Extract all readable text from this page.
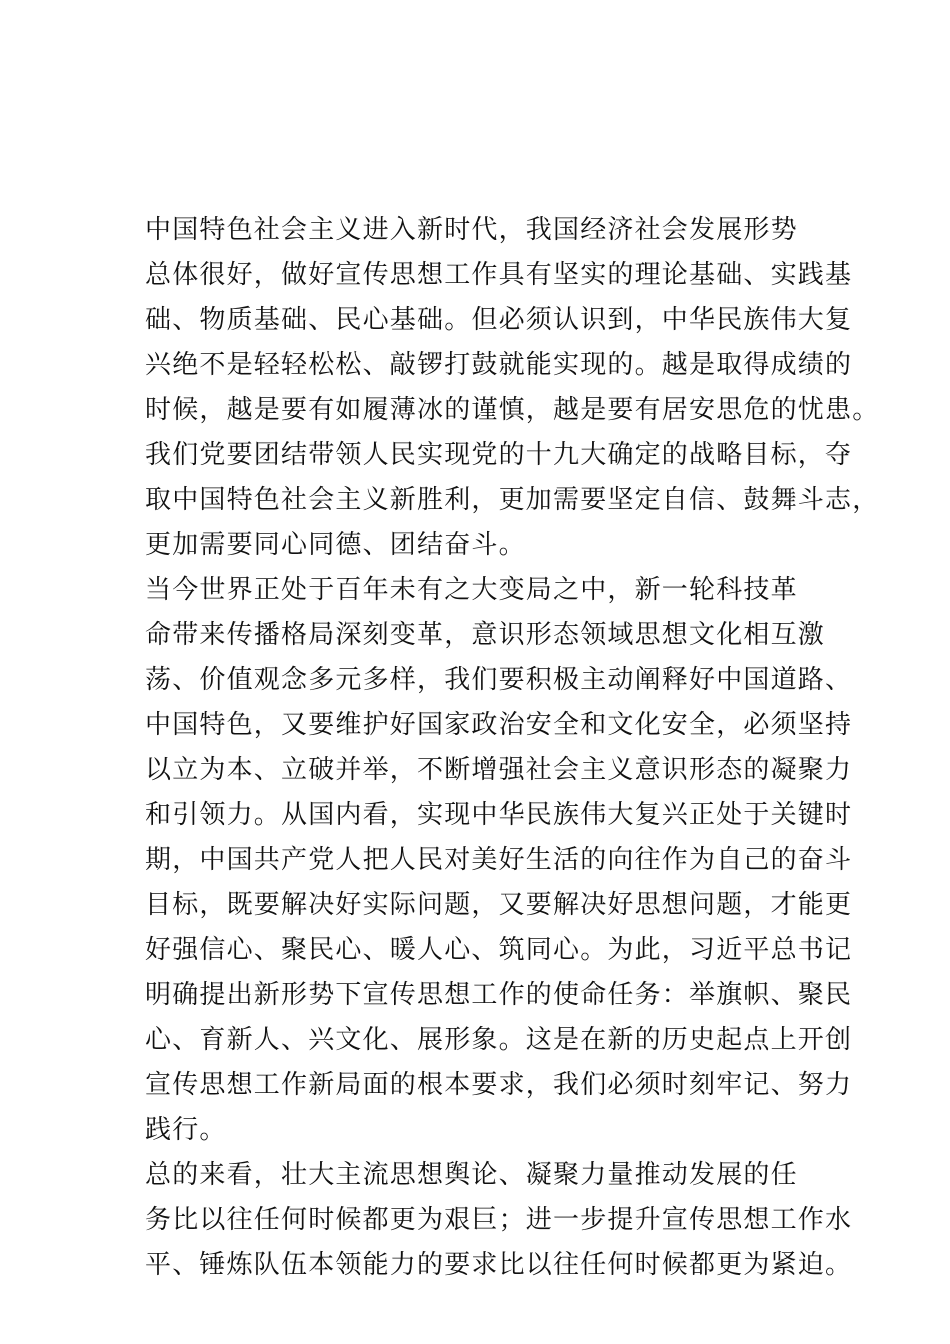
中国特色社会主义进入新时代，我国经济社会发展形势
总体很好，做好宣传思想工作具有坚实的理论基础、实践基
础、物质基础、民心基础。但必须认识到，中华民族伟大复
兴绝不是轻轻松松、敲锣打鼓就能实现的。越是取得成绩的
时候，越是要有如履薄冰的谨慎，越是要有居安思危的忧患。
我们党要团结带领人民实现党的十九大确定的战略目标，夺
取中国特色社会主义新胜利，更加需要坚定自信、鼓舞斗志，
更加需要同心同德、团结奋斗。
当今世界正处于百年未有之大变局之中，新一轮科技革
命带来传播格局深刻变革，意识形态领域思想文化相互激
荡、价值观念多元多样，我们要积极主动阐释好中国道路、
中国特色，又要维护好国家政治安全和文化安全，必须坚持
以立为本、立破并举，不断增强社会主义意识形态的凝聚力
和引领力。从国内看，实现中华民族伟大复兴正处于关键时
期，中国共产党人把人民对美好生活的向往作为自己的奋斗
目标，既要解决好实际问题，又要解决好思想问题，才能更
好强信心、聚民心、暖人心、筑同心。为此，习近平总书记
明确提出新形势下宣传思想工作的使命任务：举旗帜、聚民
心、育新人、兴文化、展形象。这是在新的历史起点上开创
宣传思想工作新局面的根本要求，我们必须时刻牢记、努力
践行。
总的来看，壮大主流思想舆论、凝聚力量推动发展的任
务比以往任何时候都更为艰巨；进一步提升宣传思想工作水
平、锤炼队伍本领能力的要求比以往任何时候都更为紧迫。
